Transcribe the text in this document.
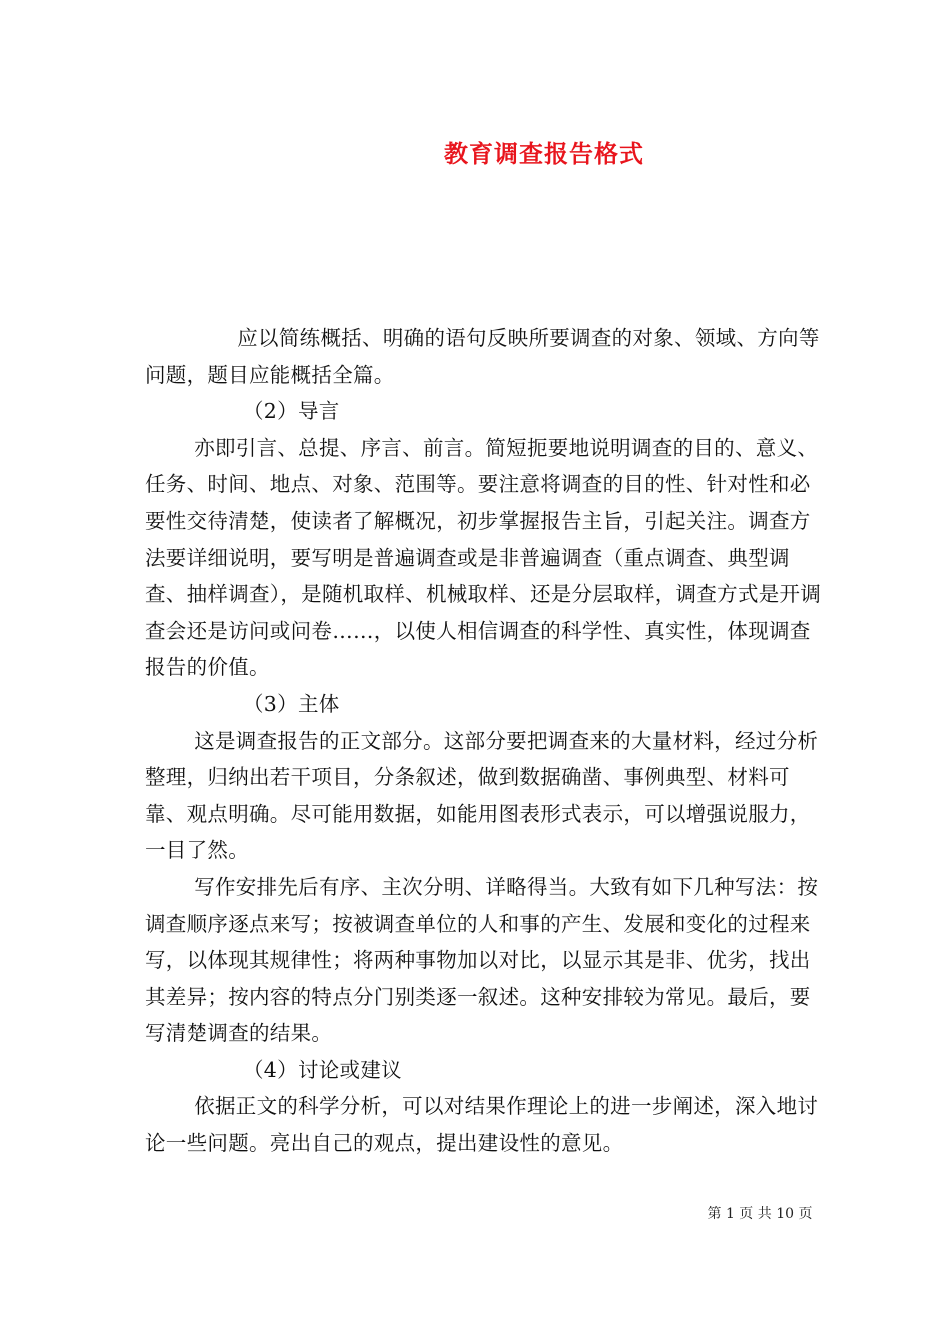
教育调查报告格式

应以简练概括、明确的语句反映所要调查的对象、领域、方向等问题，题目应能概括全篇。

（2）导言

亦即引言、总提、序言、前言。简短扼要地说明调查的目的、意义、任务、时间、地点、对象、范围等。要注意将调查的目的性、针对性和必要性交待清楚，使读者了解概况，初步掌握报告主旨，引起关注。调查方法要详细说明，要写明是普遍调查或是非普遍调查（重点调查、典型调查、抽样调查），是随机取样、机械取样、还是分层取样，调查方式是开调查会还是访问或问卷……，以使人相信调查的科学性、真实性，体现调查报告的价值。

（3）主体

这是调查报告的正文部分。这部分要把调查来的大量材料，经过分析整理，归纳出若干项目，分条叙述，做到数据确凿、事例典型、材料可靠、观点明确。尽可能用数据，如能用图表形式表示，可以增强说服力，一目了然。

写作安排先后有序、主次分明、详略得当。大致有如下几种写法：按调查顺序逐点来写；按被调查单位的人和事的产生、发展和变化的过程来写，以体现其规律性；将两种事物加以对比，以显示其是非、优劣，找出其差异；按内容的特点分门别类逐一叙述。这种安排较为常见。最后，要写清楚调查的结果。

（4）讨论或建议

依据正文的科学分析，可以对结果作理论上的进一步阐述，深入地讨论一些问题。亮出自己的观点，提出建设性的意见。

第 1 页 共 10 页
